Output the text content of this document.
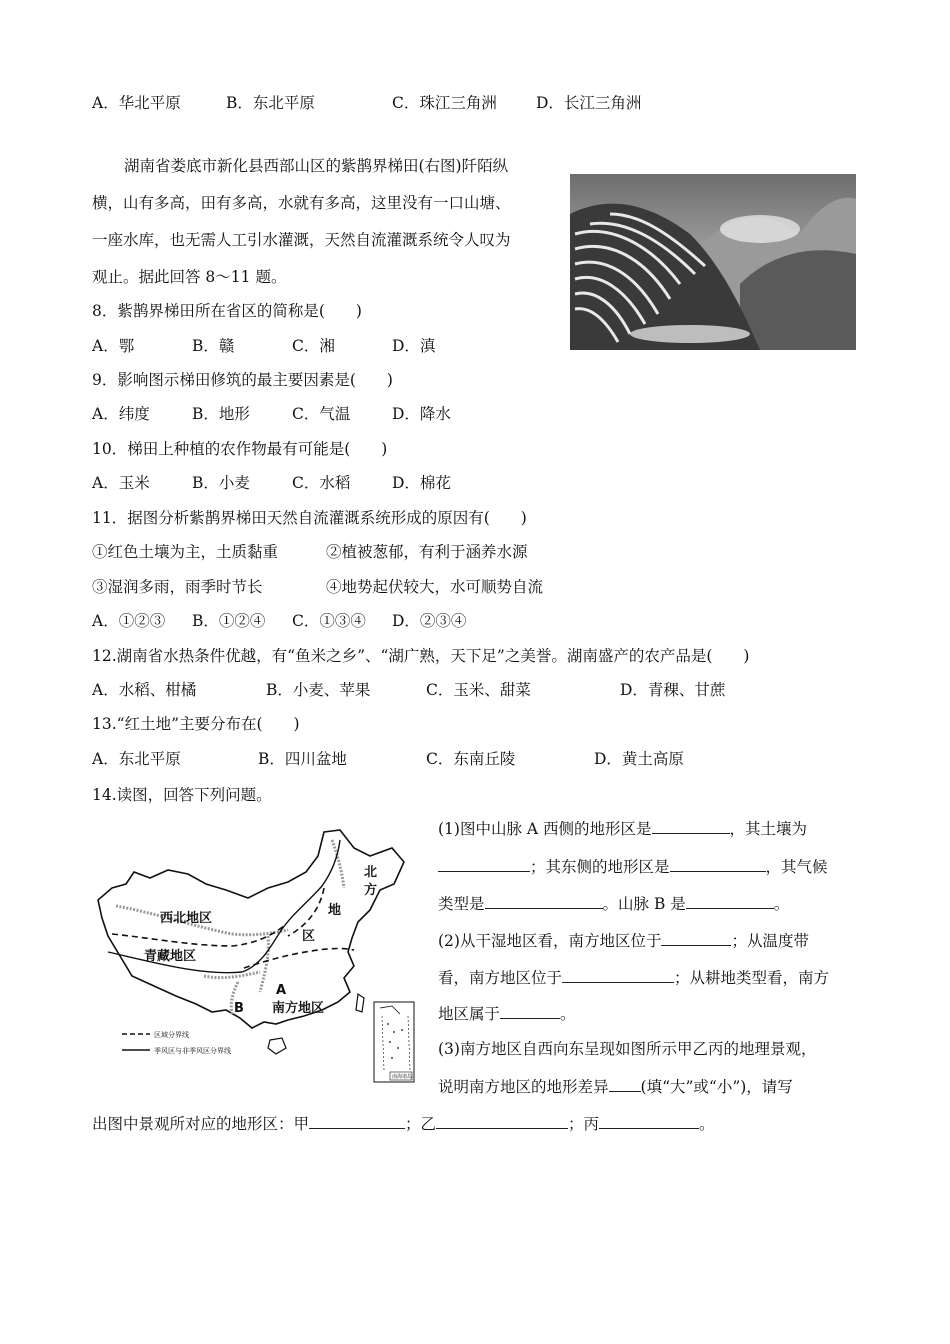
A．华北平原	B．东北平原	C．珠江三角洲	D．长江三角洲
湖南省娄底市新化县西部山区的紫鹊界梯田(右图)阡陌纵
横，山有多高，田有多高，水就有多高，这里没有一口山塘、
一座水库，也无需人工引水灌溉，天然自流灌溉系统令人叹为
观止。据此回答 8～11 题。
8．紫鹊界梯田所在省区的简称是(　　)
A．鄂	B．赣	C．湘	D．滇
9．影响图示梯田修筑的最主要因素是(　　)
A．纬度	B．地形	C．气温	D．降水
10．梯田上种植的农作物最有可能是(　　)
A．玉米	B．小麦	C．水稻	D．棉花
11．据图分析紫鹊界梯田天然自流灌溉系统形成的原因有(　　)
①红色土壤为主，土质黏重	②植被葱郁，有利于涵养水源
③湿润多雨，雨季时节长	④地势起伏较大，水可顺势自流
A．①②③ B．①②④ C．①③④ D．②③④
12.湖南省水热条件优越，有“鱼米之乡”、“湖广熟，天下足”之美誉。湖南盛产的农产品是(　　)
A．水稻、柑橘	B．小麦、苹果	C．玉米、甜菜	D．青稞、甘蔗
13.“红土地”主要分布在(　　)
A．东北平原	B．四川盆地	C．东南丘陵	D．黄土高原
14.读图，回答下列问题。
西北地区
青藏地区
南方地区
北
方
地
区
A
B
区域分界线
季风区与非季风区分界线
南海诸岛
(1)图中山脉 A 西侧的地形区是	，其土壤为
；其东侧的地形区是	，其气候
类型是	。山脉 B 是	。
(2)从干湿地区看，南方地区位于	；从温度带
看，南方地区位于	；从耕地类型看，南方
地区属于	。
(3)南方地区自西向东呈现如图所示甲乙丙的地理景观，
说明南方地区的地形差异 (填“大”或“小”)，请写
出图中景观所对应的地形区：甲	；乙	；丙	。
